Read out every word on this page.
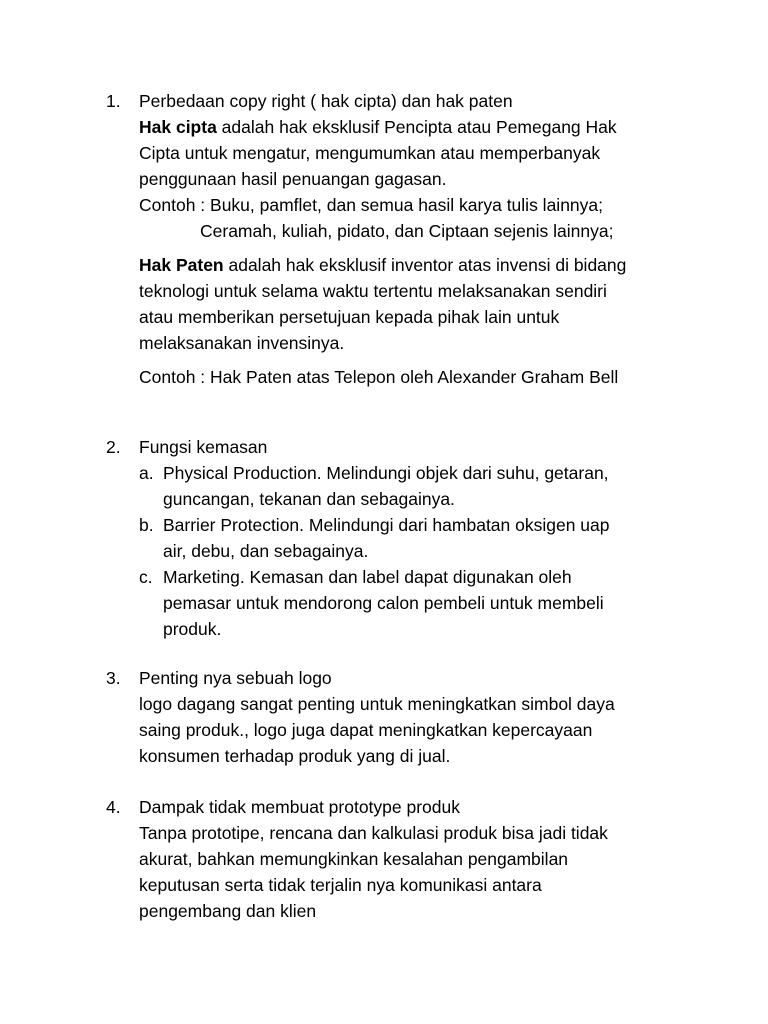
1.	Perbedaan copy right ( hak cipta) dan hak paten
Hak cipta adalah hak eksklusif Pencipta atau Pemegang Hak
Cipta untuk mengatur, mengumumkan atau memperbanyak
penggunaan hasil penuangan gagasan.
Contoh : Buku, pamflet, dan semua hasil karya tulis lainnya;
Ceramah, kuliah, pidato, dan Ciptaan sejenis lainnya;
Hak Paten adalah hak eksklusif inventor atas invensi di bidang
teknologi untuk selama waktu tertentu melaksanakan sendiri
atau memberikan persetujuan kepada pihak lain untuk
melaksanakan invensinya.
Contoh : Hak Paten atas Telepon oleh Alexander Graham Bell
2.	Fungsi kemasan
a. Physical Production. Melindungi objek dari suhu, getaran,
guncangan, tekanan dan sebagainya.
b. Barrier Protection. Melindungi dari hambatan oksigen uap
air, debu, dan sebagainya.
c. Marketing. Kemasan dan label dapat digunakan oleh
pemasar untuk mendorong calon pembeli untuk membeli
produk.
3.	Penting nya sebuah logo
logo dagang sangat penting untuk meningkatkan simbol daya
saing produk., logo juga dapat meningkatkan kepercayaan
konsumen terhadap produk yang di jual.
4.	Dampak tidak membuat prototype produk
Tanpa prototipe, rencana dan kalkulasi produk bisa jadi tidak
akurat, bahkan memungkinkan kesalahan pengambilan
keputusan serta tidak terjalin nya komunikasi antara
pengembang dan klien
